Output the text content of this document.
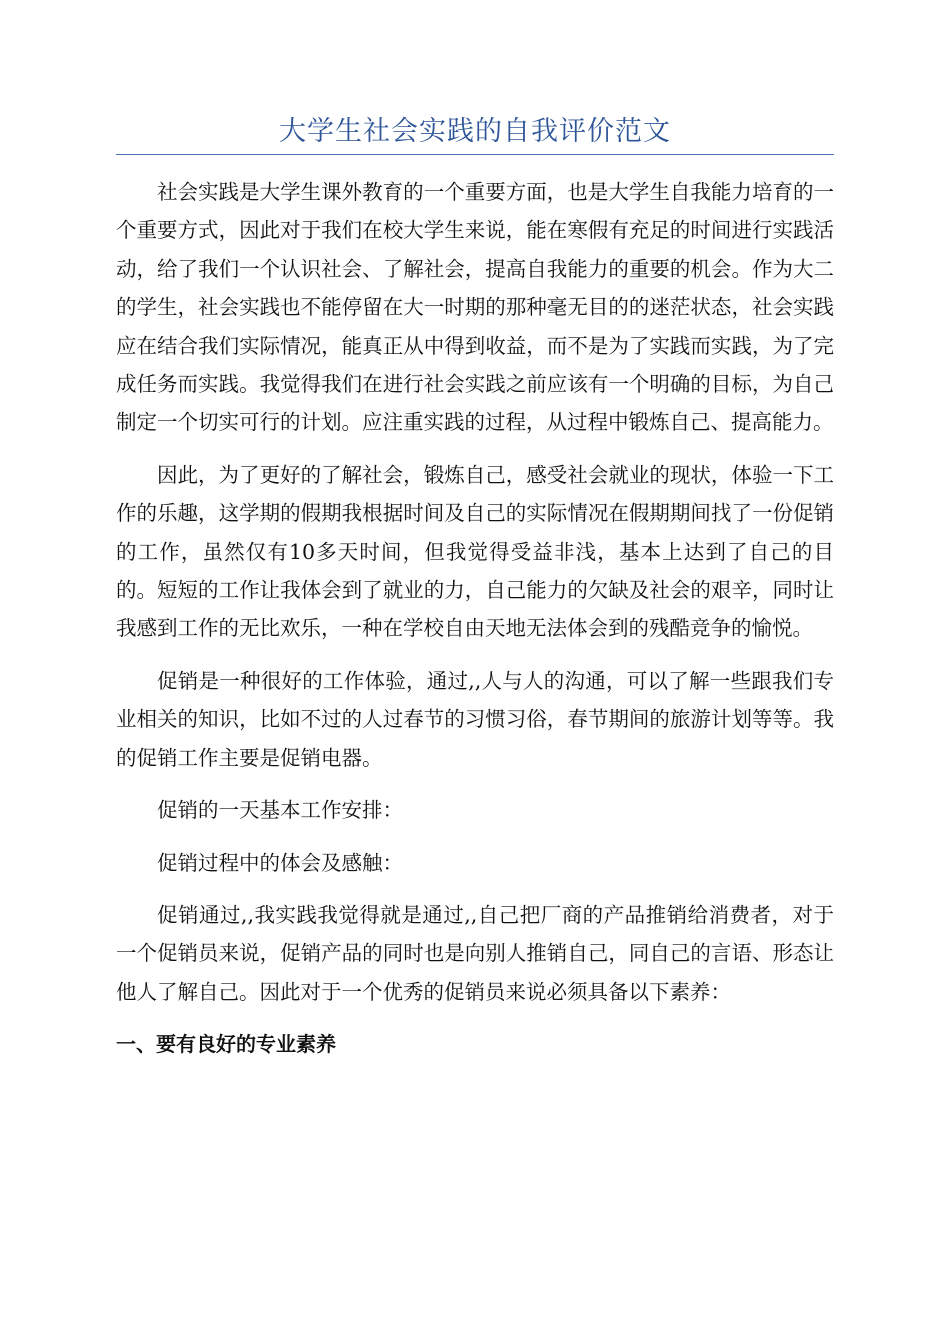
大学生社会实践的自我评价范文

社会实践是大学生课外教育的一个重要方面，也是大学生自我能力培育的一个重要方式，因此对于我们在校大学生来说，能在寒假有充足的时间进行实践活动，给了我们一个认识社会、了解社会，提高自我能力的重要的机会。作为大二的学生，社会实践也不能停留在大一时期的那种毫无目的的迷茫状态，社会实践应在结合我们实际情况，能真正从中得到收益，而不是为了实践而实践，为了完成任务而实践。我觉得我们在进行社会实践之前应该有一个明确的目标，为自己制定一个切实可行的计划。应注重实践的过程，从过程中锻炼自己、提高能力。

因此，为了更好的了解社会，锻炼自己，感受社会就业的现状，体验一下工作的乐趣，这学期的假期我根据时间及自己的实际情况在假期期间找了一份促销的工作，虽然仅有10多天时间，但我觉得受益非浅，基本上达到了自己的目的。短短的工作让我体会到了就业的力，自己能力的欠缺及社会的艰辛，同时让我感到工作的无比欢乐，一种在学校自由天地无法体会到的残酷竞争的愉悦。

促销是一种很好的工作体验，通过,,人与人的沟通，可以了解一些跟我们专业相关的知识，比如不过的人过春节的习惯习俗，春节期间的旅游计划等等。我的促销工作主要是促销电器。

促销的一天基本工作安排：

促销过程中的体会及感触：

促销通过,,我实践我觉得就是通过,,自己把厂商的产品推销给消费者，对于一个促销员来说，促销产品的同时也是向别人推销自己，同自己的言语、形态让他人了解自己。因此对于一个优秀的促销员来说必须具备以下素养：

一、要有良好的专业素养
